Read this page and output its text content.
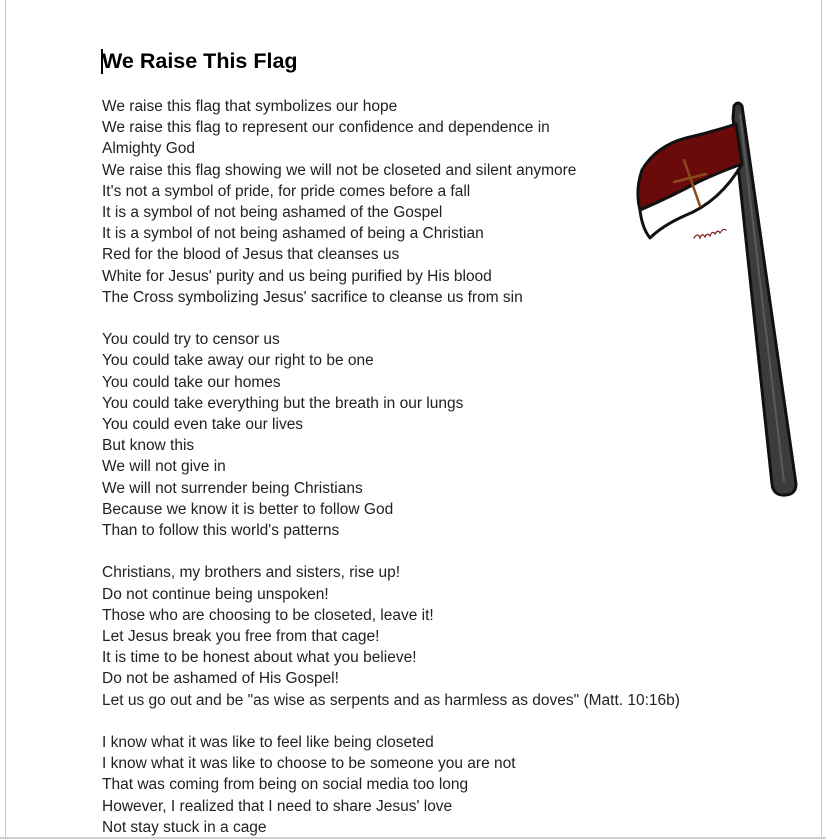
We Raise This Flag
We raise this flag that symbolizes our hope
We raise this flag to represent our confidence and dependence in
Almighty God
We raise this flag showing we will not be closeted and silent anymore
It's not a symbol of pride, for pride comes before a fall
It is a symbol of not being ashamed of the Gospel
It is a symbol of not being ashamed of being a Christian
Red for the blood of Jesus that cleanses us
White for Jesus' purity and us being purified by His blood
The Cross symbolizing Jesus' sacrifice to cleanse us from sin
You could try to censor us
You could take away our right to be one
You could take our homes
You could take everything but the breath in our lungs
You could even take our lives
But know this
We will not give in
We will not surrender being Christians
Because we know it is better to follow God
Than to follow this world's patterns
Christians, my brothers and sisters, rise up!
Do not continue being unspoken!
Those who are choosing to be closeted, leave it!
Let Jesus break you free from that cage!
It is time to be honest about what you believe!
Do not be ashamed of His Gospel!
Let us go out and be "as wise as serpents and as harmless as doves" (Matt. 10:16b)
I know what it was like to feel like being closeted
I know what it was like to choose to be someone you are not
That was coming from being on social media too long
However, I realized that I need to share Jesus' love
Not stay stuck in a cage
